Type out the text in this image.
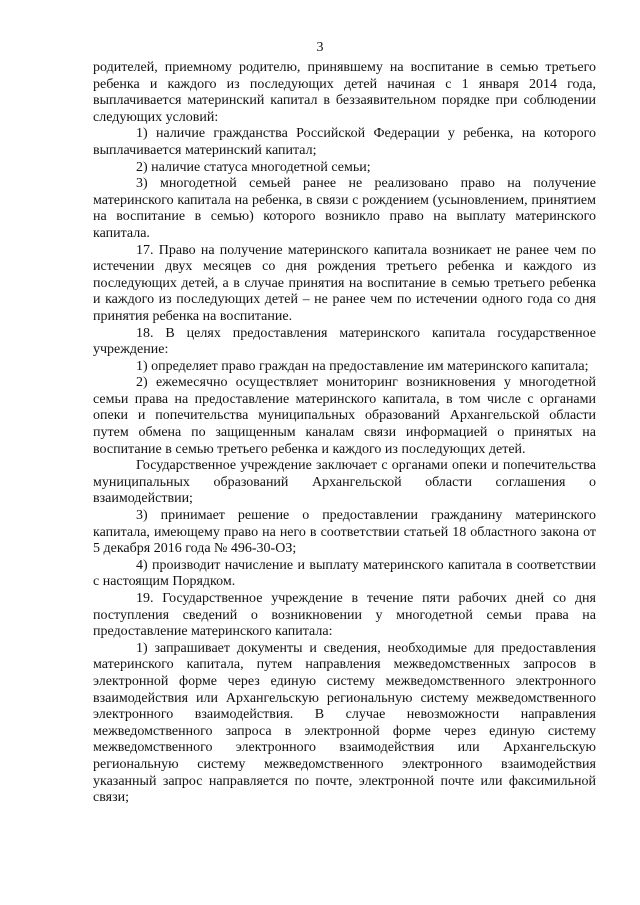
3

родителей, приемному родителю, принявшему на воспитание в семью третьего ребенка и каждого из последующих детей начиная с 1 января 2014 года, выплачивается материнский капитал в беззаявительном порядке при соблюдении следующих условий:

1) наличие гражданства Российской Федерации у ребенка, на которого выплачивается материнский капитал;

2) наличие статуса многодетной семьи;

3) многодетной семьей ранее не реализовано право на получение материнского капитала на ребенка, в связи с рождением (усыновлением, принятием на воспитание в семью) которого возникло право на выплату материнского капитала.

17. Право на получение материнского капитала возникает не ранее чем по истечении двух месяцев со дня рождения третьего ребенка и каждого из последующих детей, а в случае принятия на воспитание в семью третьего ребенка и каждого из последующих детей – не ранее чем по истечении одного года со дня принятия ребенка на воспитание.

18. В целях предоставления материнского капитала государственное учреждение:

1) определяет право граждан на предоставление им материнского капитала;

2) ежемесячно осуществляет мониторинг возникновения у многодетной семьи права на предоставление материнского капитала, в том числе с органами опеки и попечительства муниципальных образований Архангельской области путем обмена по защищенным каналам связи информацией о принятых на воспитание в семью третьего ребенка и каждого из последующих детей.

Государственное учреждение заключает с органами опеки и попечительства муниципальных образований Архангельской области соглашения о взаимодействии;

3) принимает решение о предоставлении гражданину материнского капитала, имеющему право на него в соответствии статьей 18 областного закона от 5 декабря 2016 года № 496-30-ОЗ;

4) производит начисление и выплату материнского капитала в соответствии с настоящим Порядком.

19. Государственное учреждение в течение пяти рабочих дней со дня поступления сведений о возникновении у многодетной семьи права на предоставление материнского капитала:

1) запрашивает документы и сведения, необходимые для предоставления материнского капитала, путем направления межведомственных запросов в электронной форме через единую систему межведомственного электронного взаимодействия или Архангельскую региональную систему межведомственного электронного взаимодействия. В случае невозможности направления межведомственного запроса в электронной форме через единую систему межведомственного электронного взаимодействия или Архангельскую региональную систему межведомственного электронного взаимодействия указанный запрос направляется по почте, электронной почте или факсимильной связи;
